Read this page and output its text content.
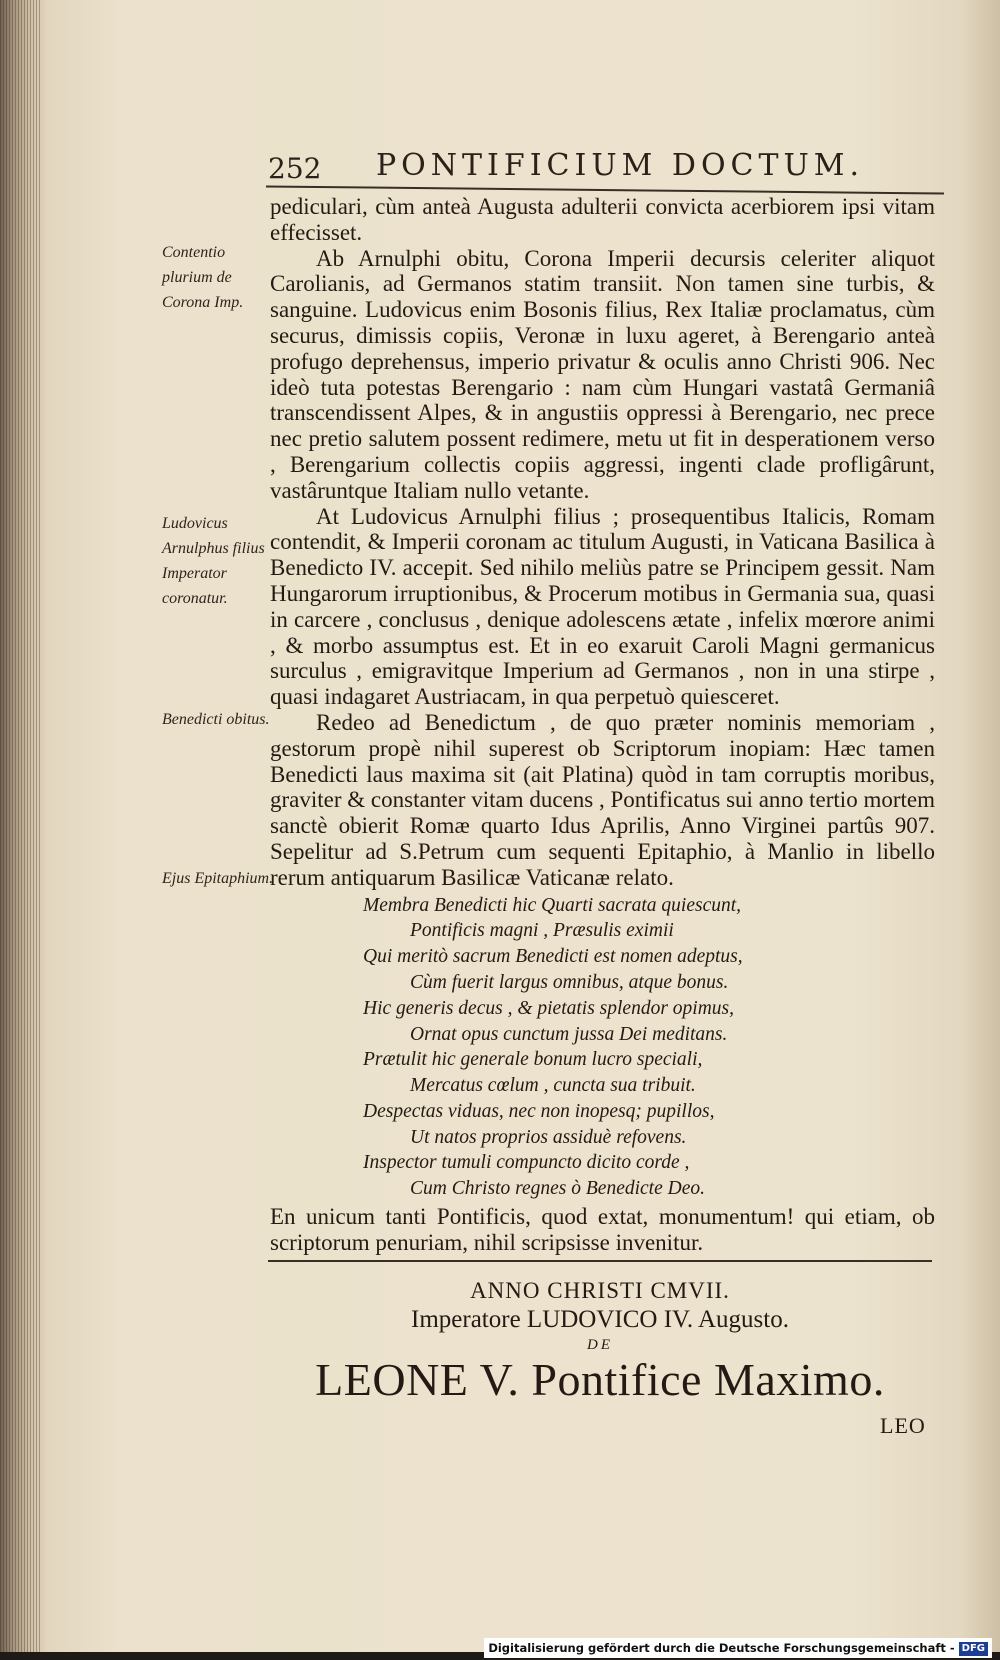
252 PONTIFICIUM DOCTUM.
Contentio plurium de Corona Imp.
Ludovicus Arnulphus filius Imperator coronatur.
Benedicti obitus.
Ejus Epitaphium.

pediculari, cùm anteà Augusta adulterii convicta acerbiorem ipsi vitam effecisset.

Ab Arnulphi obitu, Corona Imperii decursis celeriter aliquot Carolianis, ad Germanos statim transiit. Non tamen sine turbis, & sanguine. Ludovicus enim Bosonis filius, Rex Italiæ proclamatus, cùm securus, dimissis copiis, Veronæ in luxu ageret, à Berengario anteà profugo deprehensus, imperio privatur & oculis anno Christi 906. Nec ideò tuta potestas Berengario : nam cùm Hungari vastatâ Germaniâ transcendissent Alpes, & in angustiis oppressi à Berengario, nec prece nec pretio salutem possent redimere, metu ut fit in desperationem verso , Berengarium collectis copiis aggressi, ingenti clade profligârunt, vastâruntque Italiam nullo vetante.

At Ludovicus Arnulphi filius ; prosequentibus Italicis, Romam contendit, & Imperii coronam ac titulum Augusti, in Vaticana Basilica à Benedicto IV. accepit. Sed nihilo meliùs patre se Principem gessit. Nam Hungarorum irruptionibus, & Procerum motibus in Germania sua, quasi in carcere , conclusus , denique adolescens ætate , infelix mœrore animi , & morbo assumptus est. Et in eo exaruit Caroli Magni germanicus surculus , emigravitque Imperium ad Germanos , non in una stirpe , quasi indagaret Austriacam, in qua perpetuò quiesceret.

Redeo ad Benedictum , de quo præter nominis memoriam , gestorum propè nihil superest ob Scriptorum inopiam: Hæc tamen Benedicti laus maxima sit (ait Platina) quòd in tam corruptis moribus, graviter & constanter vitam ducens , Pontificatus sui anno tertio mortem sanctè obierit Romæ quarto Idus Aprilis, Anno Virginei partûs 907. Sepelitur ad S.Petrum cum sequenti Epitaphio, à Manlio in libello rerum antiquarum Basilicæ Vaticanæ relato.

Membra Benedicti hic Quarti sacrata quiescunt,
Pontificis magni , Præsulis eximii
Qui meritò sacrum Benedicti est nomen adeptus,
Cùm fuerit largus omnibus, atque bonus.
Hic generis decus , & pietatis splendor opimus,
Ornat opus cunctum jussa Dei meditans.
Prætulit hic generale bonum lucro speciali,
Mercatus cœlum , cuncta sua tribuit.
Despectas viduas, nec non inopesq; pupillos,
Ut natos proprios assiduè refovens.
Inspector tumuli compuncto dicito corde ,
Cum Christo regnes ò Benedicte Deo.

En unicum tanti Pontificis, quod extat, monumentum! qui etiam, ob scriptorum penuriam, nihil scripsisse invenitur.

ANNO CHRISTI CMVII.
Imperatore LUDOVICO IV. Augusto.
DE
LEONE V. Pontifice Maximo.
LEO
Digitalisierung gefördert durch die Deutsche Forschungsgemeinschaft - DFG
